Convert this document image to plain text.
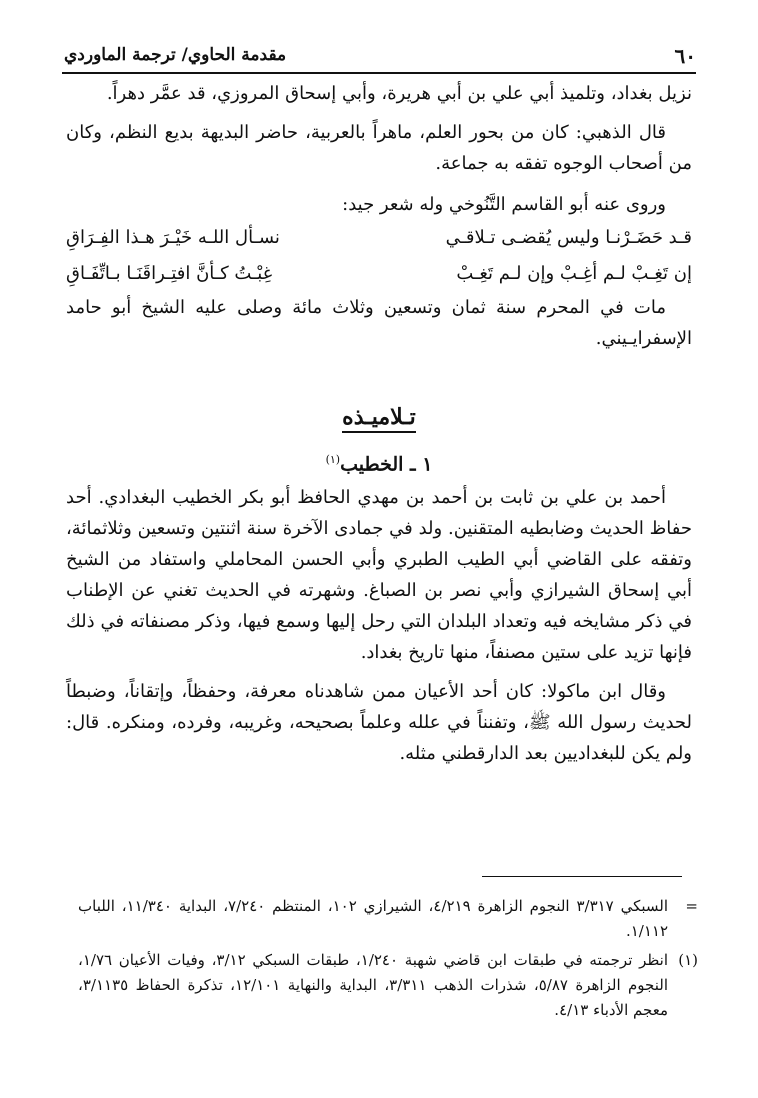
٦٠
مقدمة الحاوي/ ترجمة الماوردي

نزيل بغداد، وتلميذ أبي علي بن أبي هريرة، وأبي إسحاق المروزي، قد عمَّر دهراً.

قال الذهبي: كان من بحور العلم، ماهراً بالعربية، حاضر البديهة بديع النظم، وكان من أصحاب الوجوه تفقه به جماعة.

وروى عنه أبو القاسم التَّنُوخي وله شعر جيد:

قـد حَضَـرْنـا وليس يُقضـى تـلاقـي
نسـأل اللـه خَيْـرَ هـذا الفِـرَاقِ
إن تَغِـبْ لـم أغِـبْ وإن لـم تَغِـبْ
غِبْـتُ كـأنَّ افتِـراقَنَـا بـاتِّفَـاقِ

مات في المحرم سنة ثمان وتسعين وثلاث مائة وصلى عليه الشيخ أبو حامد الإسفرايـيني.

تـلاميـذه

١ ـ الخطيب$^{(١)}$

أحمد بن علي بن ثابت بن أحمد بن مهدي الحافظ أبو بكر الخطيب البغدادي. أحد حفاظ الحديث وضابطيه المتقنين. ولد في جمادى الآخرة سنة اثنتين وتسعين وثلاثمائة، وتفقه على القاضي أبي الطيب الطبري وأبي الحسن المحاملي واستفاد من الشيخ أبي إسحاق الشيرازي وأبي نصر بن الصباغ. وشهرته في الحديث تغني عن الإطناب في ذكر مشايخه فيه وتعداد البلدان التي رحل إليها وسمع فيها، وذكر مصنفاته في ذلك فإنها تزيد على ستين مصنفاً، منها تاريخ بغداد.

وقال ابن ماكولا: كان أحد الأعيان ممن شاهدناه معرفة، وحفظاً، وإتقاناً، وضبطاً لحديث رسول الله ﷺ، وتفنناً في علله وعلماً بصحيحه، وغريبه، وفرده، ومنكره. قال: ولم يكن للبغداديين بعد الدارقطني مثله.

=
السبكي ٣/٣١٧ النجوم الزاهرة ٤/٢١٩، الشيرازي ١٠٢، المنتظم ٧/٢٤٠، البداية ١١/٣٤٠، اللباب ١/١١٢.
(١)
انظر ترجمته في طبقات ابن قاضي شهبة ١/٢٤٠، طبقات السبكي ٣/١٢، وفيات الأعيان ١/٧٦، النجوم الزاهرة ٥/٨٧، شذرات الذهب ٣/٣١١، البداية والنهاية ١٢/١٠١، تذكرة الحفاظ ٣/١١٣٥، معجم الأدباء ٤/١٣.
